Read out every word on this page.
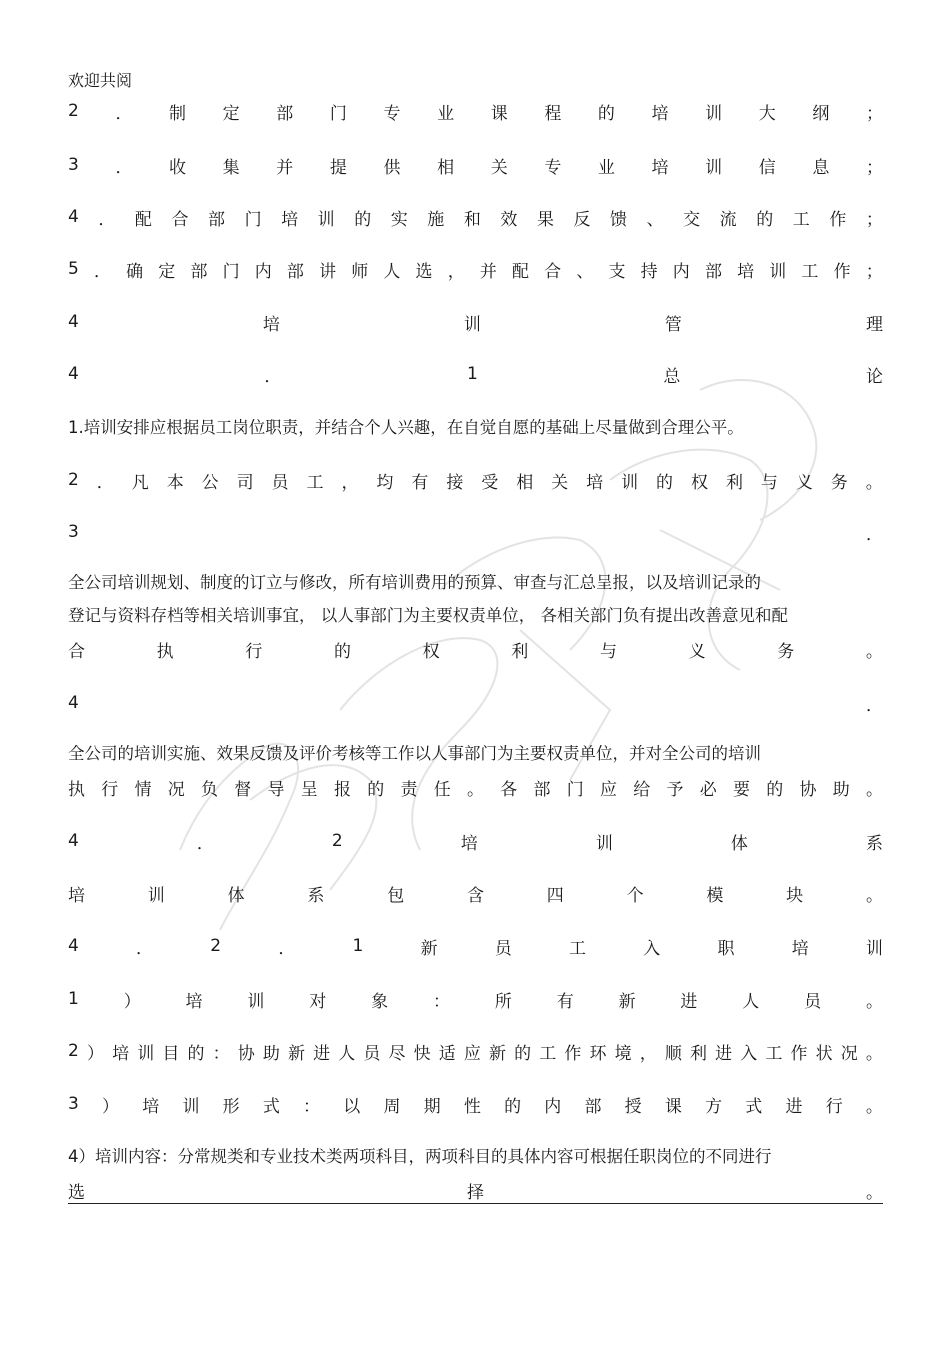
欢迎共阅
2 ． 制 定 部 门 专 业 课 程 的 培 训 大 纲 ；
3 ． 收 集 并 提 供 相 关 专 业 培 训 信 息 ；
4 ． 配 合 部 门 培 训 的 实 施 和 效 果 反 馈 、 交 流 的 工 作 ；
5 ． 确 定 部 门 内 部 讲 师 人 选 ， 并 配 合 、 支 持 内 部 培 训 工 作 ；
4	培	训	管	理
4	．	1	总	论
1.培训安排应根据员工岗位职责，并结合个人兴趣，在自觉自愿的基础上尽量做到合理公平。
2 ． 凡 本 公 司 员 工 ， 均 有 接 受 相 关 培 训 的 权 利 与 义 务 。
3	．
全公司培训规划、制度的订立与修改，所有培训费用的预算、审查与汇总呈报，以及培训记录的
登记与资料存档等相关培训事宜， 以人事部门为主要权责单位， 各相关部门负有提出改善意见和配
合	执	行	的	权	利	与	义	务	。
4	．
全公司的培训实施、效果反馈及评价考核等工作以人事部门为主要权责单位，并对全公司的培训
执 行 情 况 负 督 导 呈 报 的 责 任 。 各 部 门 应 给 予 必 要 的 协 助 。
4	．	2	培	训	体	系
培	训	体	系	包	含	四	个	模	块	。
4	．	2	．	1	新	员	工	入	职	培	训
1	）	培	训	对	象	：	所	有	新	进	人	员	。
2 ） 培 训 目 的 ： 协 助 新 进 人 员 尽 快 适 应 新 的 工 作 环 境 ， 顺 利 进 入 工 作 状 况 。
3 ） 培 训 形 式 ： 以 周 期 性 的 内 部 授 课 方 式 进 行 。
4）培训内容：分常规类和专业技术类两项科目，两项科目的具体内容可根据任职岗位的不同进行
选	择	。
